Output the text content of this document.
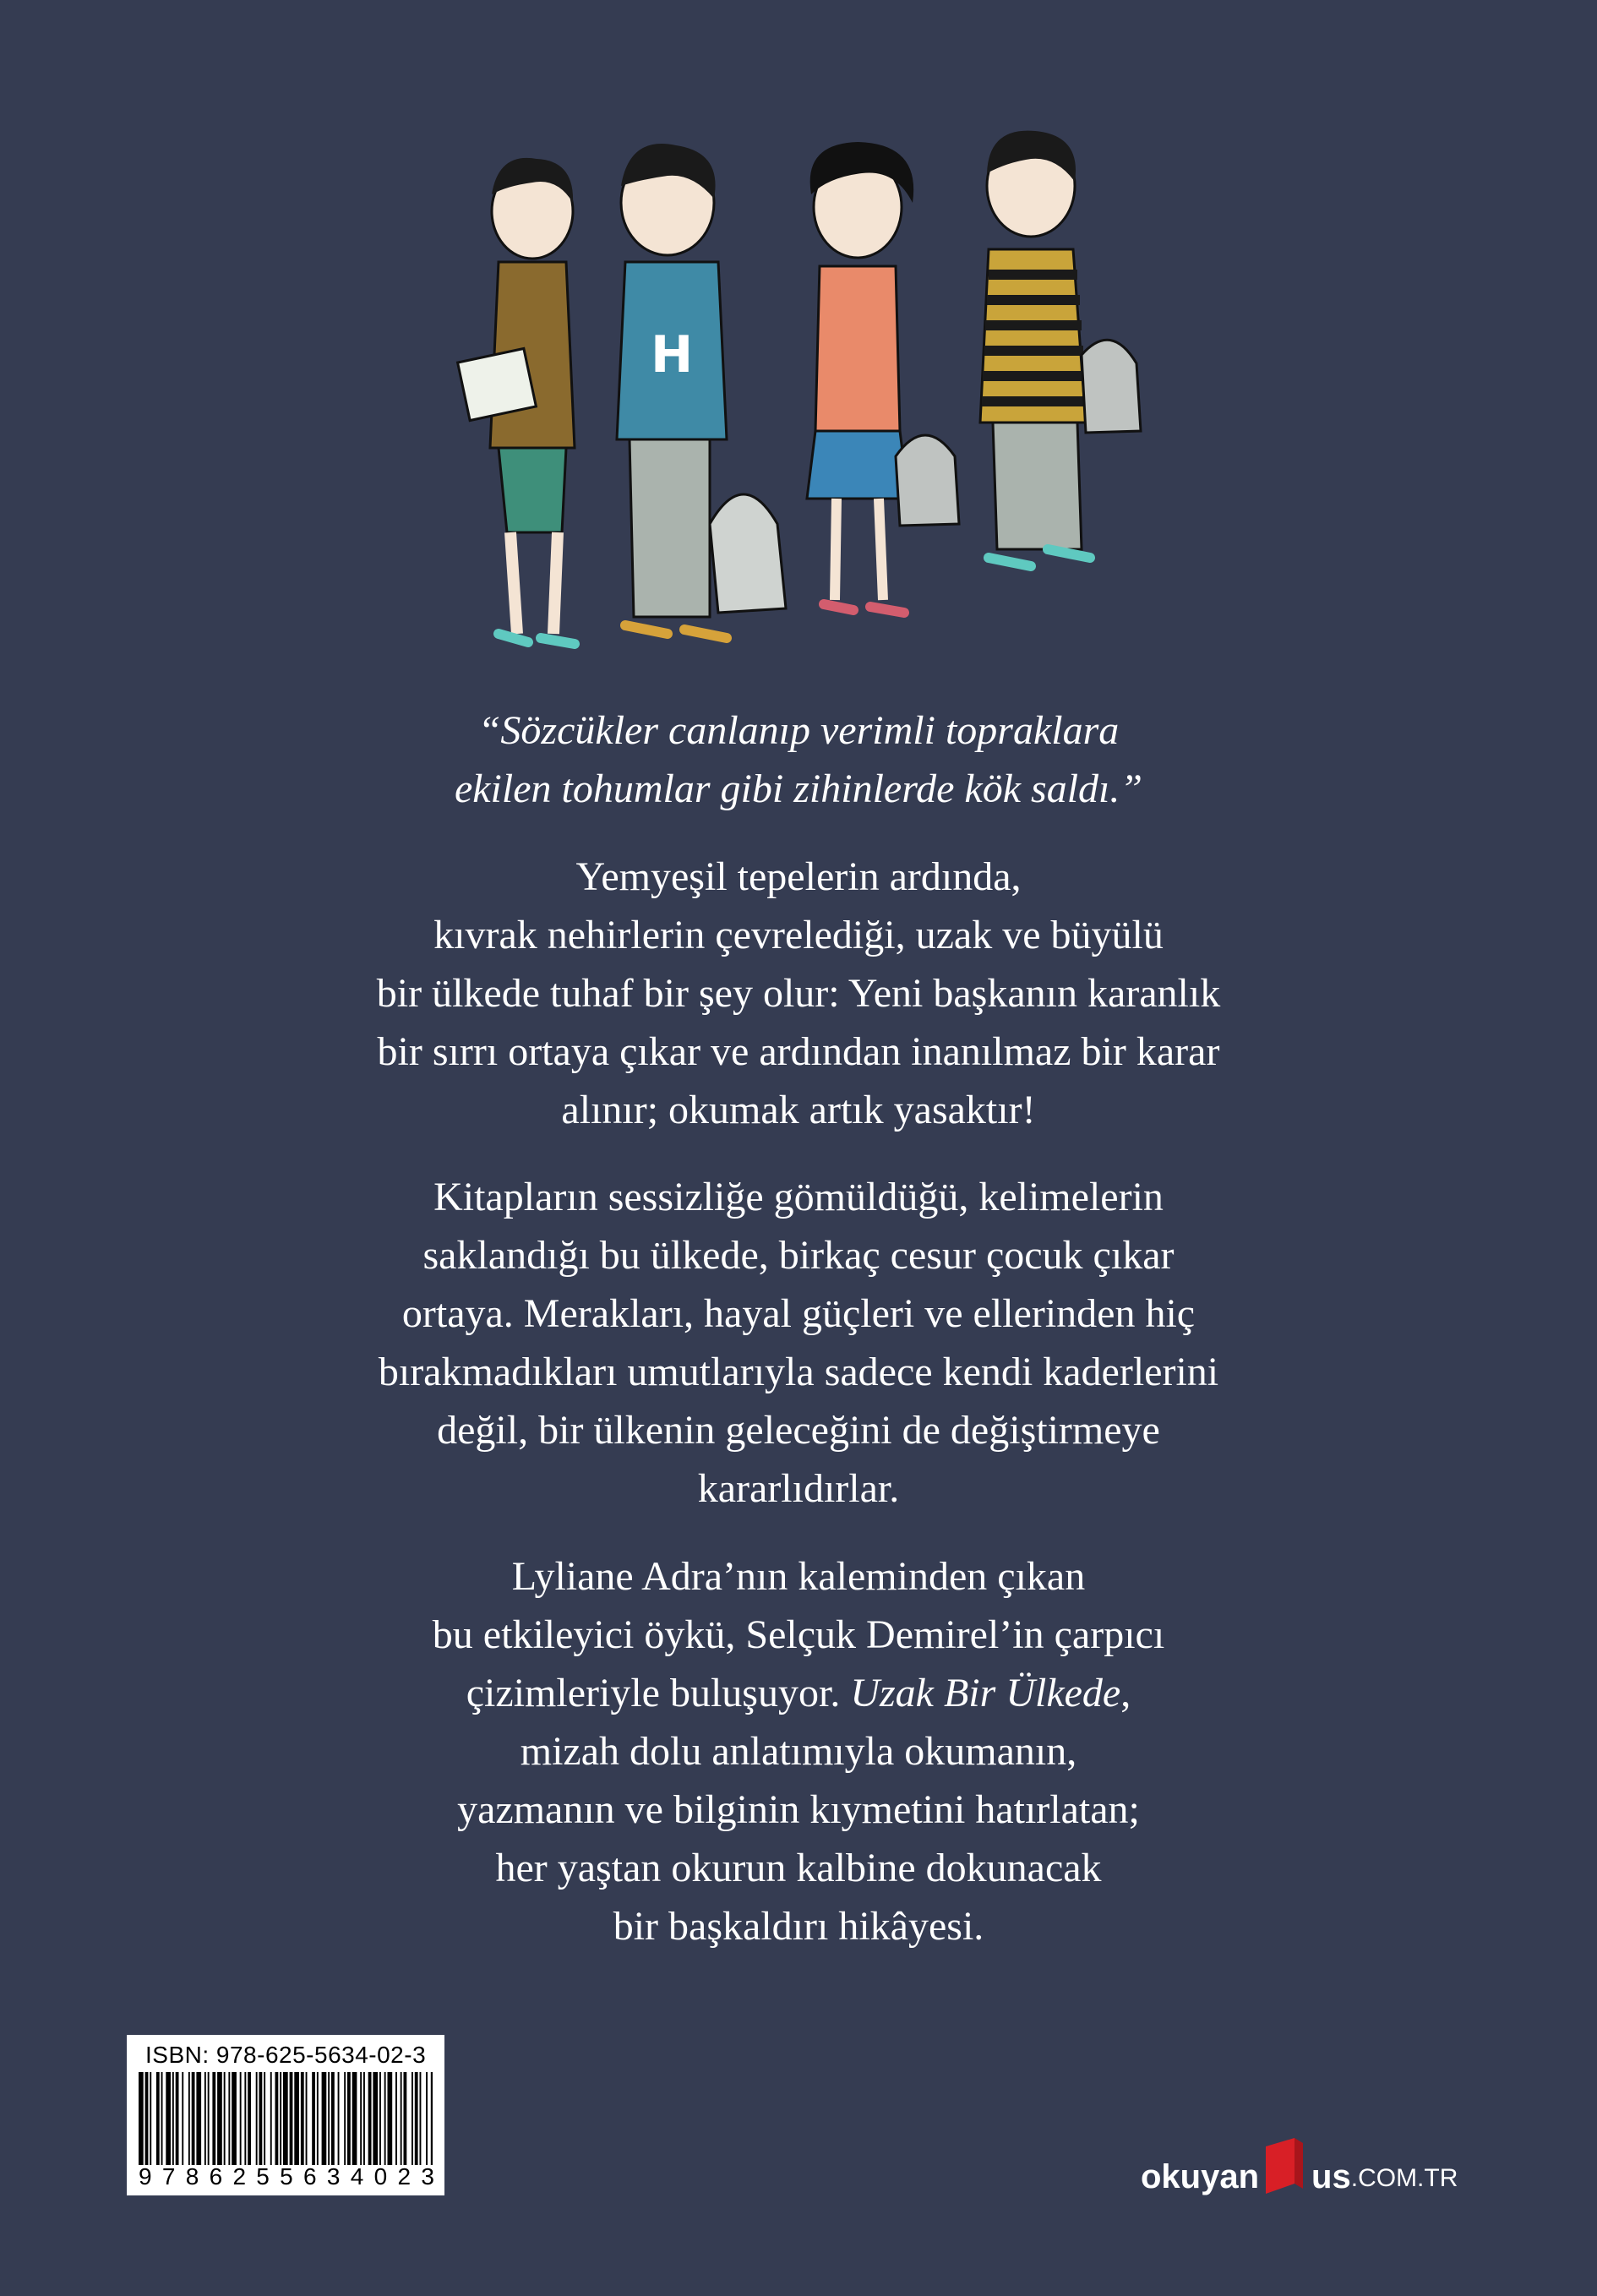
H
“Sözcükler canlanıp verimli topraklara
ekilen tohumlar gibi zihinlerde kök saldı.”
Yemyeşil tepelerin ardında,
kıvrak nehirlerin çevrelediği, uzak ve büyülü
bir ülkede tuhaf bir şey olur: Yeni başkanın karanlık
bir sırrı ortaya çıkar ve ardından inanılmaz bir karar
alınır; okumak artık yasaktır!
Kitapların sessizliğe gömüldüğü, kelimelerin
saklandığı bu ülkede, birkaç cesur çocuk çıkar
ortaya. Merakları, hayal güçleri ve ellerinden hiç
bırakmadıkları umutlarıyla sadece kendi kaderlerini
değil, bir ülkenin geleceğini de değiştirmeye
kararlıdırlar.
Lyliane Adra’nın kaleminden çıkan
bu etkileyici öykü, Selçuk Demirel’in çarpıcı
çizimleriyle buluşuyor. Uzak Bir Ülkede,
mizah dolu anlatımıyla okumanın,
yazmanın ve bilginin kıymetini hatırlatan;
her yaştan okurun kalbine dokunacak
bir başkaldırı hikâyesi.
ISBN: 978-625-5634-02-3
9 7 8 6 2 5 5 6 3 4 0 2 3	okuyan us .COM.TR
